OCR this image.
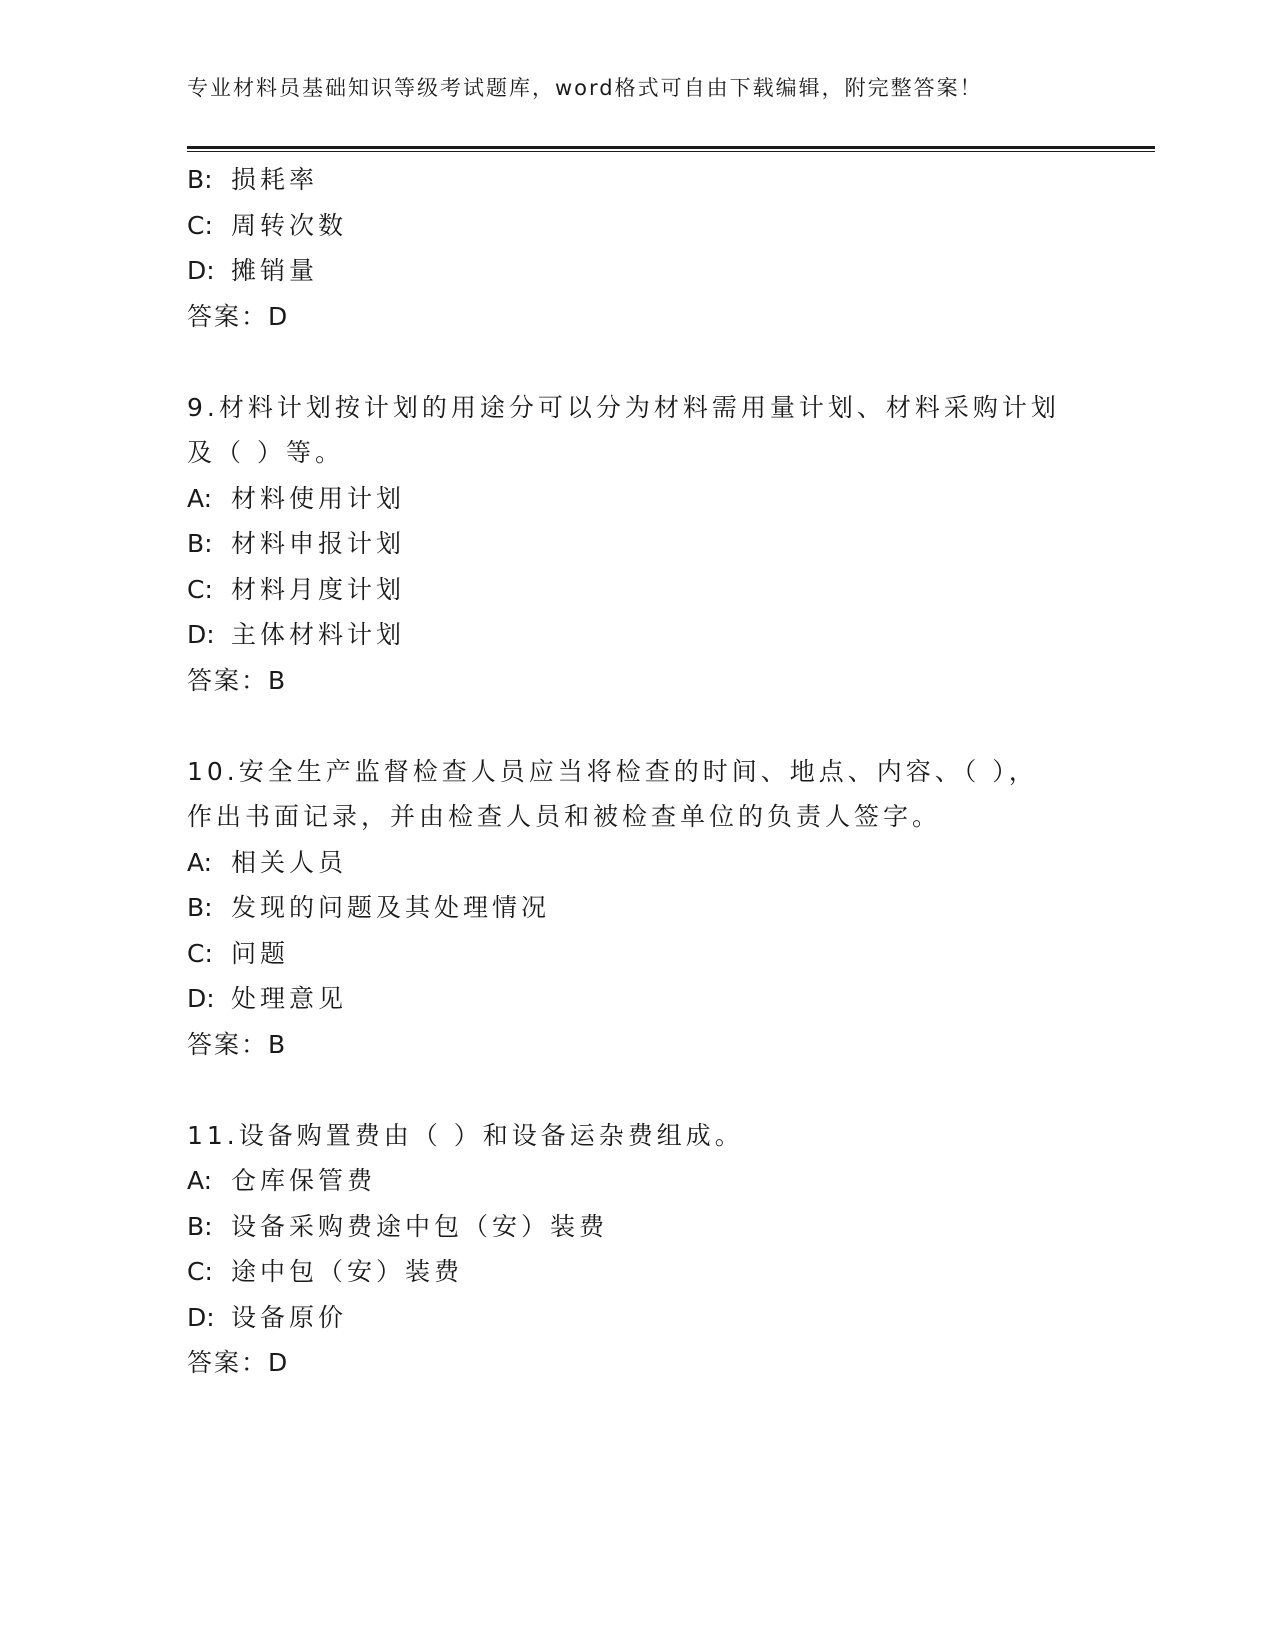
专业材料员基础知识等级考试题库，word格式可自由下载编辑，附完整答案！
B: 损耗率
C: 周转次数
D: 摊销量
答案：D
9.材料计划按计划的用途分可以分为材料需用量计划、材料采购计划
及（ ）等。
A: 材料使用计划
B: 材料申报计划
C: 材料月度计划
D: 主体材料计划
答案：B
10.安全生产监督检查人员应当将检查的时间、地点、内容、（ ），
作出书面记录，并由检查人员和被检查单位的负责人签字。
A: 相关人员
B: 发现的问题及其处理情况
C: 问题
D: 处理意见
答案：B
11.设备购置费由（ ）和设备运杂费组成。
A: 仓库保管费
B: 设备采购费途中包（安）装费
C: 途中包（安）装费
D: 设备原价
答案：D
